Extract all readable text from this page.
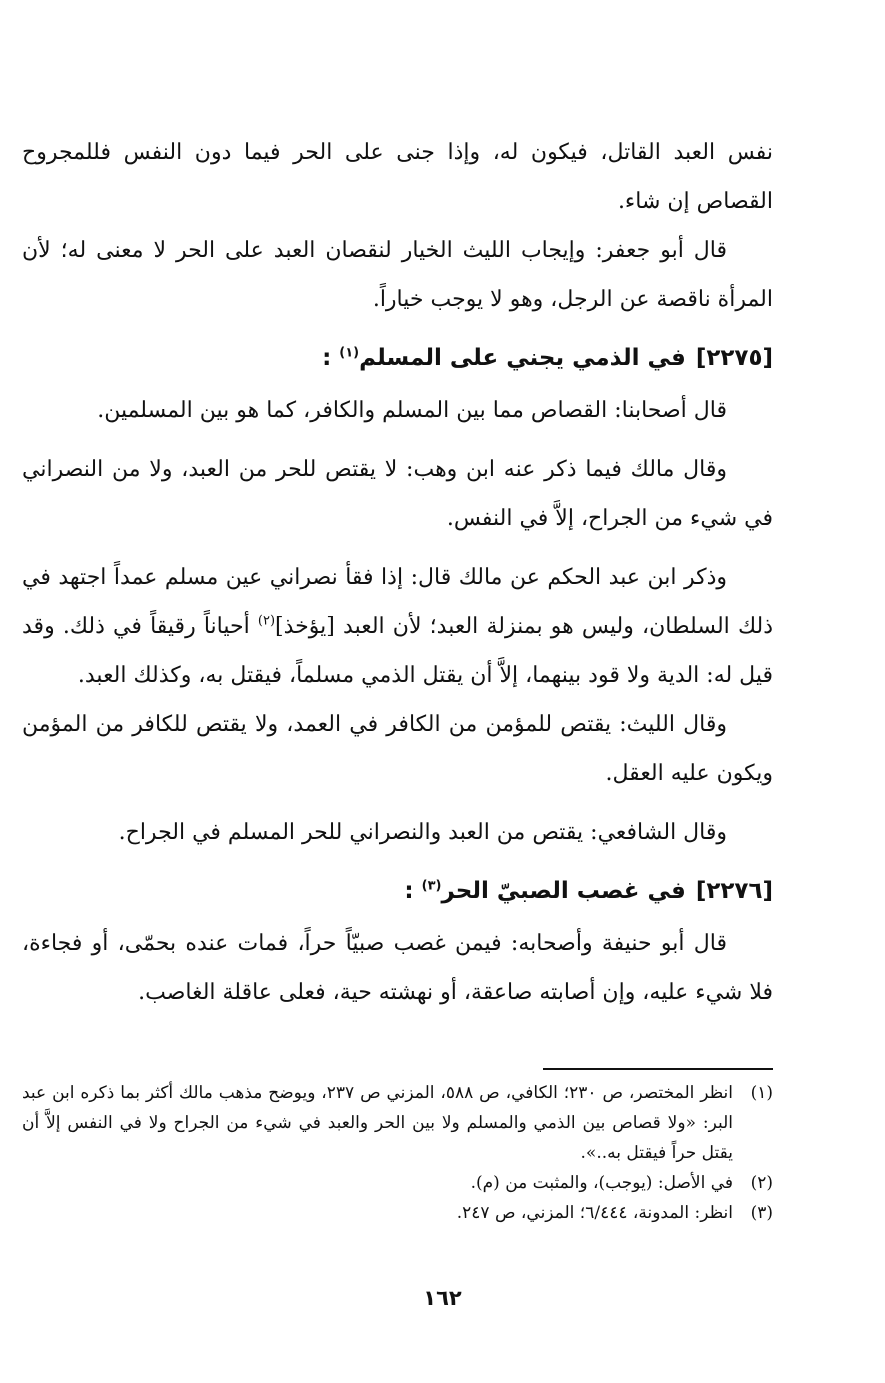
نفس العبد القاتل، فيكون له، وإذا جنى على الحر فيما دون النفس فللمجروح القصاص إن شاء.

قال أبو جعفر: وإيجاب الليث الخيار لنقصان العبد على الحر لا معنى له؛ لأن المرأة ناقصة عن الرجل، وهو لا يوجب خياراً.

[٢٢٧٥]في الذمي يجني على المسلم$^{(١)}$ :

قال أصحابنا: القصاص مما بين المسلم والكافر، كما هو بين المسلمين.

وقال مالك فيما ذكر عنه ابن وهب: لا يقتص للحر من العبد، ولا من النصراني في شيء من الجراح، إلاَّ في النفس.

وذكر ابن عبد الحكم عن مالك قال: إذا فقأ نصراني عين مسلم عمداً اجتهد في ذلك السلطان، وليس هو بمنزلة العبد؛ لأن العبد [يؤخذ]$^{(٢)}$ أحياناً رقيقاً في ذلك. وقد قيل له: الدية ولا قود بينهما، إلاَّ أن يقتل الذمي مسلماً، فيقتل به، وكذلك العبد.

وقال الليث: يقتص للمؤمن من الكافر في العمد، ولا يقتص للكافر من المؤمن ويكون عليه العقل.

وقال الشافعي: يقتص من العبد والنصراني للحر المسلم في الجراح.

[٢٢٧٦]في غصب الصبيّ الحر$^{(٣)}$ :

قال أبو حنيفة وأصحابه: فيمن غصب صبيّاً حراً، فمات عنده بحمّى، أو فجاءة، فلا شيء عليه، وإن أصابته صاعقة، أو نهشته حية، فعلى عاقلة الغاصب.

(١)
انظر المختصر، ص ٢٣٠؛ الكافي، ص ٥٨٨، المزني ص ٢٣٧، ويوضح مذهب مالك أكثر بما ذكره ابن عبد البر: «ولا قصاص بين الذمي والمسلم ولا بين الحر والعبد في شيء من الجراح ولا في النفس إلاَّ أن يقتل حراً فيقتل به..».
(٢)
في الأصل: (يوجب)، والمثبت من (م).
(٣)
انظر: المدونة، ٦/٤٤٤؛ المزني، ص ٢٤٧.
١٦٢
